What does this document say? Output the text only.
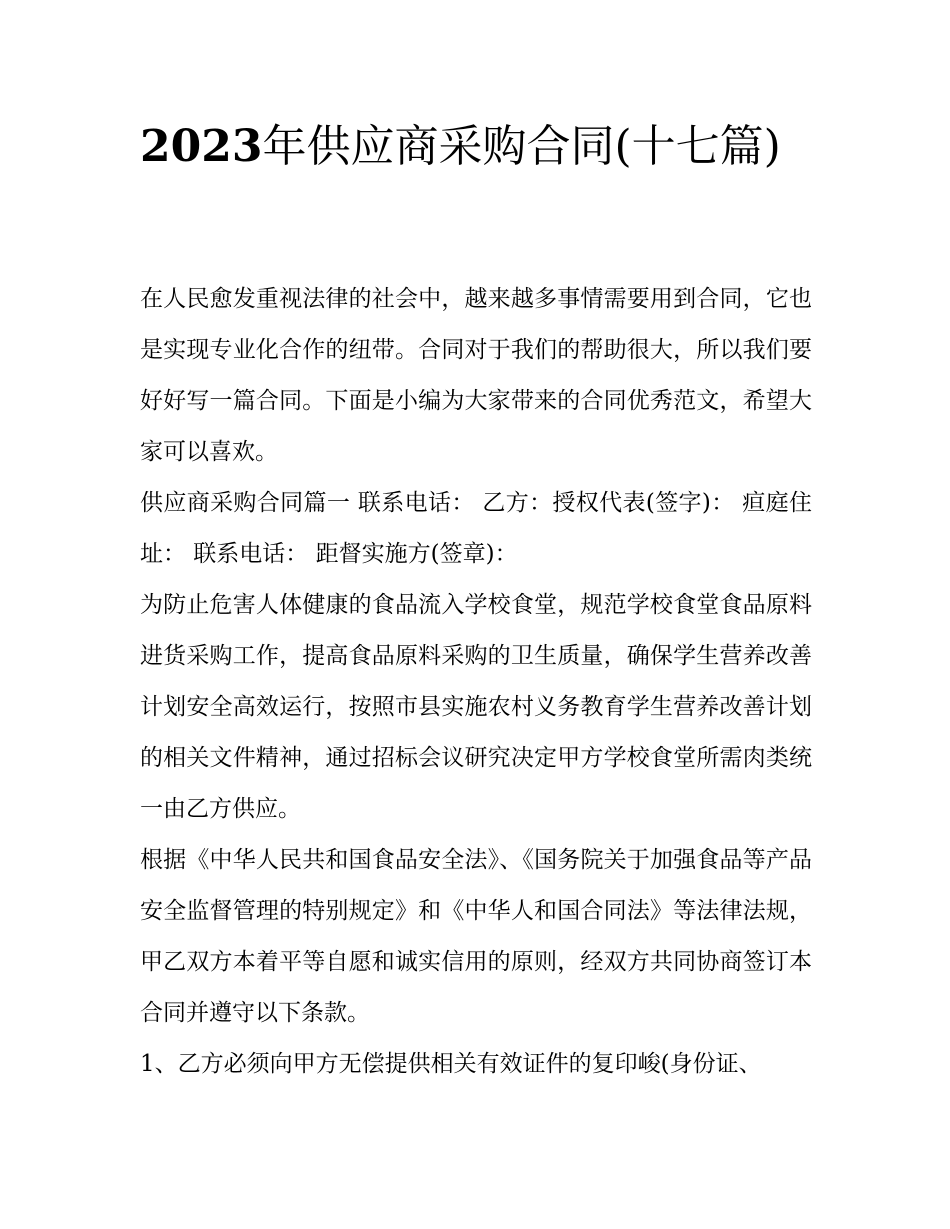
2023年供应商采购合同(十七篇)

在人民愈发重视法律的社会中，越来越多事情需要用到合同，它也是实现专业化合作的纽带。合同对于我们的帮助很大，所以我们要好好写一篇合同。下面是小编为大家带来的合同优秀范文，希望大家可以喜欢。

供应商采购合同篇一 联系电话： 乙方：授权代表(签字)： 疸庭住址： 联系电话： 距督实施方(签章)：

为防止危害人体健康的食品流入学校食堂，规范学校食堂食品原料进货采购工作，提高食品原料采购的卫生质量，确保学生营养改善计划安全高效运行，按照市县实施农村义务教育学生营养改善计划的相关文件精神，通过招标会议研究决定甲方学校食堂所需肉类统一由乙方供应。

根据《中华人民共和国食品安全法》、《国务院关于加强食品等产品安全监督管理的特别规定》和《中华人和国合同法》等法律法规，甲乙双方本着平等自愿和诚实信用的原则，经双方共同协商签订本合同并遵守以下条款。

1、乙方必须向甲方无偿提供相关有效证件的复印峻(身份证、
